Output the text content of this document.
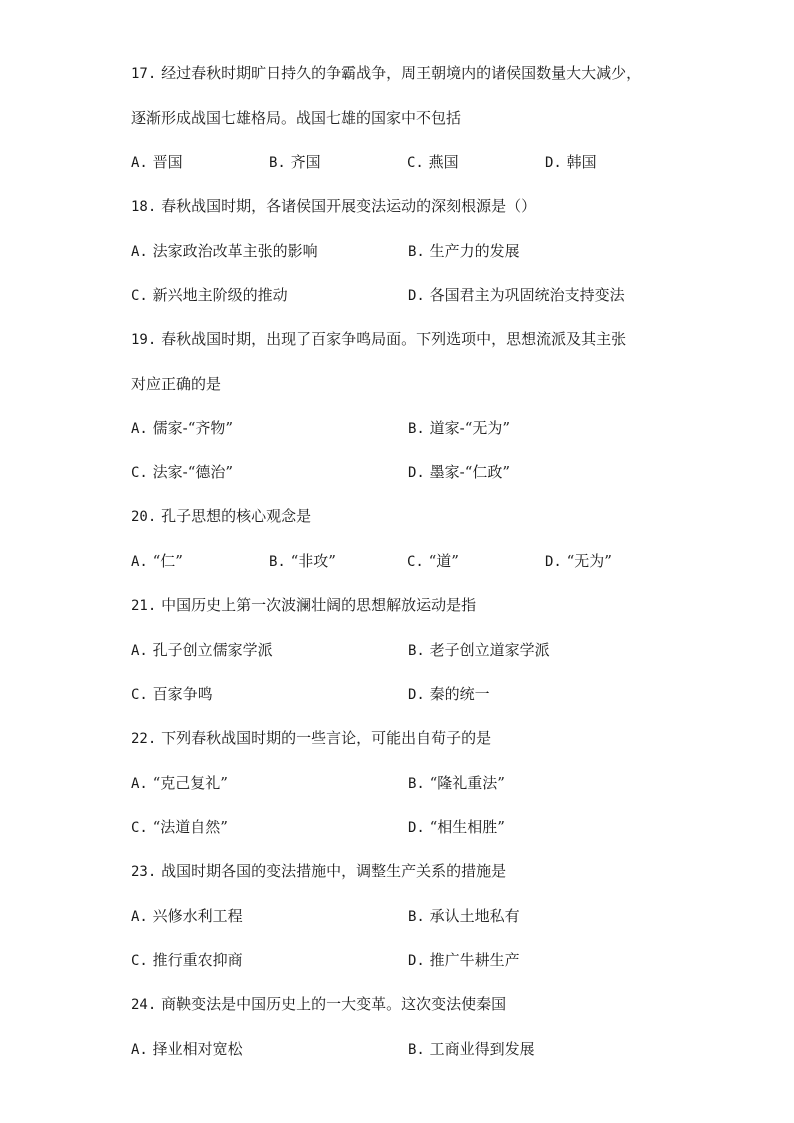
17. 经过春秋时期旷日持久的争霸战争，周王朝境内的诸侯国数量大大减少，
逐渐形成战国七雄格局。战国七雄的国家中不包括
A. 晋国	B. 齐国	C. 燕国	D. 韩国
18. 春秋战国时期，各诸侯国开展变法运动的深刻根源是（）
A. 法家政治改革主张的影响	B. 生产力的发展
C. 新兴地主阶级的推动	D. 各国君主为巩固统治支持变法
19. 春秋战国时期，出现了百家争鸣局面。下列选项中，思想流派及其主张
对应正确的是
A. 儒家-“齐物”	B. 道家-“无为”
C. 法家-“德治”	D. 墨家-“仁政”
20. 孔子思想的核心观念是
A. “仁”	B. “非攻”	C. “道”	D. “无为”
21. 中国历史上第一次波澜壮阔的思想解放运动是指
A. 孔子创立儒家学派	B. 老子创立道家学派
C. 百家争鸣	D. 秦的统一
22. 下列春秋战国时期的一些言论，可能出自荀子的是
A. “克己复礼”	B. “隆礼重法”
C. “法道自然”	D. “相生相胜”
23. 战国时期各国的变法措施中，调整生产关系的措施是
A. 兴修水利工程	B. 承认土地私有
C. 推行重农抑商	D. 推广牛耕生产
24. 商鞅变法是中国历史上的一大变革。这次变法使秦国
A. 择业相对宽松	B. 工商业得到发展
